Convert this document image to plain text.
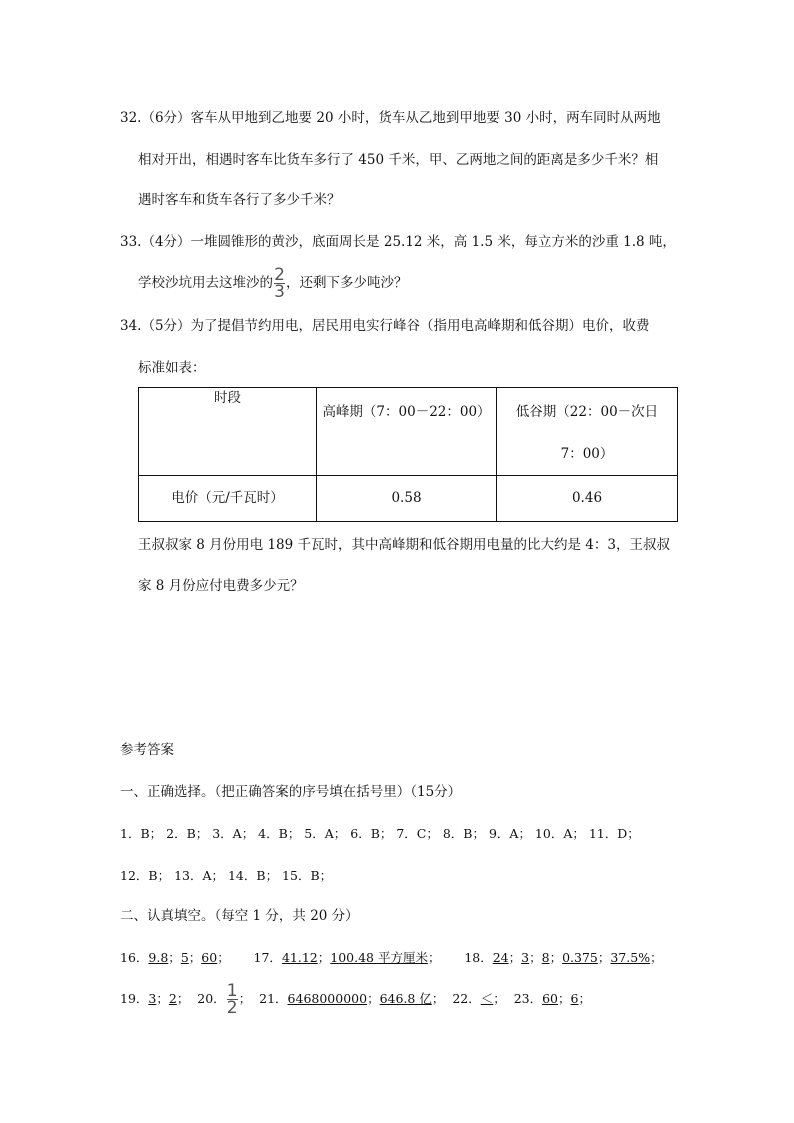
32.（6分）客车从甲地到乙地要 20 小时，货车从乙地到甲地要 30 小时，两车同时从两地
相对开出，相遇时客车比货车多行了 450 千米，甲、乙两地之间的距离是多少千米？相
遇时客车和货车各行了多少千米？
33.（4分）一堆圆锥形的黄沙，底面周长是 25.12 米，高 1.5 米，每立方米的沙重 1.8 吨，
学校沙坑用去这堆沙的 $\frac{2}{3}$ ，还剩下多少吨沙？
34.（5分）为了提倡节约用电，居民用电实行峰谷（指用电高峰期和低谷期）电价，收费
标准如表：
时段	高峰期（7：00－22：00）	低谷期（22：00－次日
7：00）

电价（元/千瓦时）	0.58	0.46
王叔叔家 8 月份用电 189 千瓦时，其中高峰期和低谷期用电量的比大约是 4：3，王叔叔
家 8 月份应付电费多少元？
参考答案
一、正确选择。（把正确答案的序号填在括号里）（15分）
1．B； 2．B； 3．A； 4．B； 5．A； 6．B； 7．C； 8．B； 9．A； 10．A； 11．D；
12．B； 13．A； 14．B； 15．B；
二、认真填空。（每空 1 分，共 20 分）
16．9.8；5；60；      17．41.12；100.48 平方厘米；      18．24；3；8；0.375；37.5%；
19．3；2；  20． $\frac{1}{2}$ ；  21．6468000000；646.8 亿；  22．＜；  23．60；6；
